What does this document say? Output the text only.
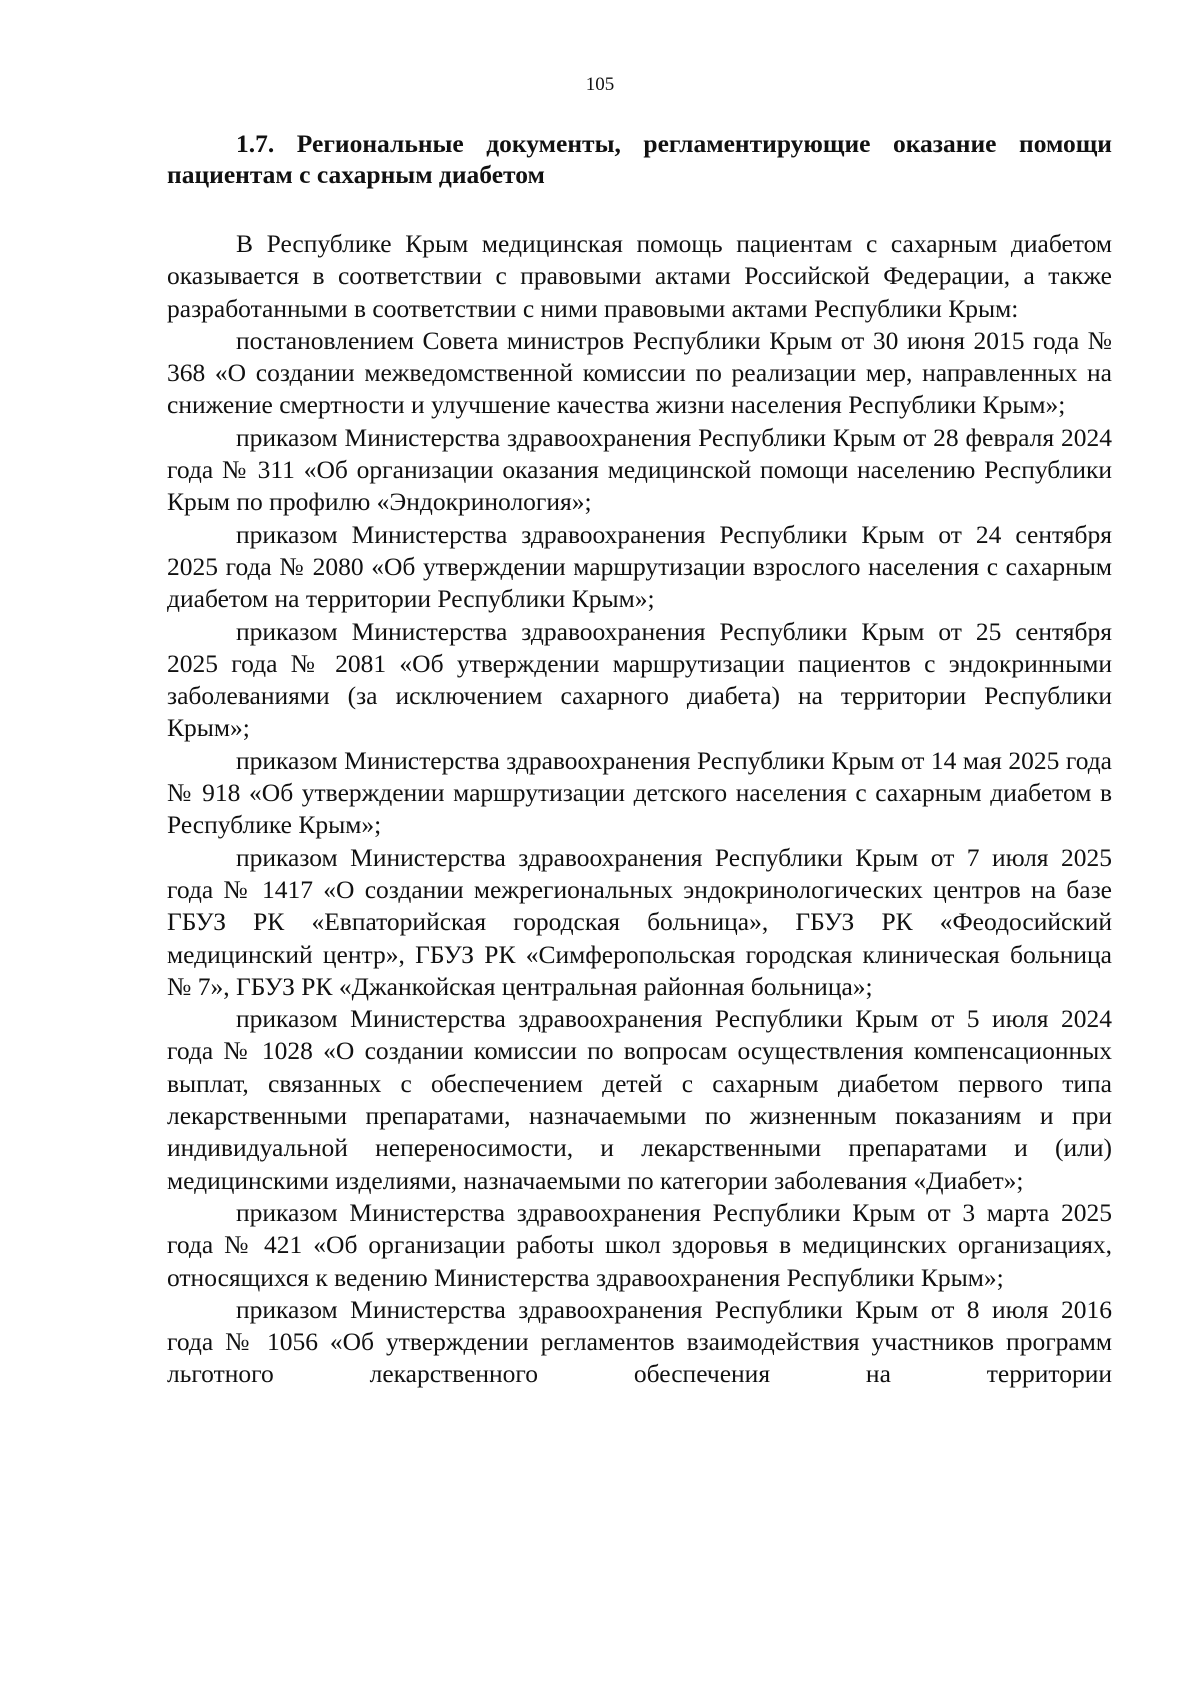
105
1.7. Региональные документы, регламентирующие оказание помощи пациентам с сахарным диабетом

В Республике Крым медицинская помощь пациентам с сахарным диабетом оказывается в соответствии с правовыми актами Российской Федерации, а также разработанными в соответствии с ними правовыми актами Республики Крым:

постановлением Совета министров Республики Крым от 30 июня 2015 года № 368 «О создании межведомственной комиссии по реализации мер, направленных на снижение смертности и улучшение качества жизни населения Республики Крым»;

приказом Министерства здравоохранения Республики Крым от 28 февраля 2024 года № 311 «Об организации оказания медицинской помощи населению Республики Крым по профилю «Эндокринология»;

приказом Министерства здравоохранения Республики Крым от 24 сентября 2025 года № 2080 «Об утверждении маршрутизации взрослого населения с сахарным диабетом на территории Республики Крым»;

приказом Министерства здравоохранения Республики Крым от 25 сентября 2025 года № 2081 «Об утверждении маршрутизации пациентов с эндокринными заболеваниями (за исключением сахарного диабета) на территории Республики Крым»;

приказом Министерства здравоохранения Республики Крым от 14 мая 2025 года № 918 «Об утверждении маршрутизации детского населения с сахарным диабетом в Республике Крым»;

приказом Министерства здравоохранения Республики Крым от 7 июля 2025 года № 1417 «О создании межрегиональных эндокринологических центров на базе ГБУЗ РК «Евпаторийская городская больница», ГБУЗ РК «Феодосийский медицинский центр», ГБУЗ РК «Симферопольская городская клиническая больница № 7», ГБУЗ РК «Джанкойская центральная районная больница»;

приказом Министерства здравоохранения Республики Крым от 5 июля 2024 года № 1028 «О создании комиссии по вопросам осуществления компенсационных выплат, связанных с обеспечением детей с сахарным диабетом первого типа лекарственными препаратами, назначаемыми по жизненным показаниям и при индивидуальной непереносимости, и лекарственными препаратами и (или) медицинскими изделиями, назначаемыми по категории заболевания «Диабет»;

приказом Министерства здравоохранения Республики Крым от 3 марта 2025 года № 421 «Об организации работы школ здоровья в медицинских организациях, относящихся к ведению Министерства здравоохранения Республики Крым»;

приказом Министерства здравоохранения Республики Крым от 8 июля 2016 года № 1056 «Об утверждении регламентов взаимодействия участников программ льготного лекарственного обеспечения на территории
